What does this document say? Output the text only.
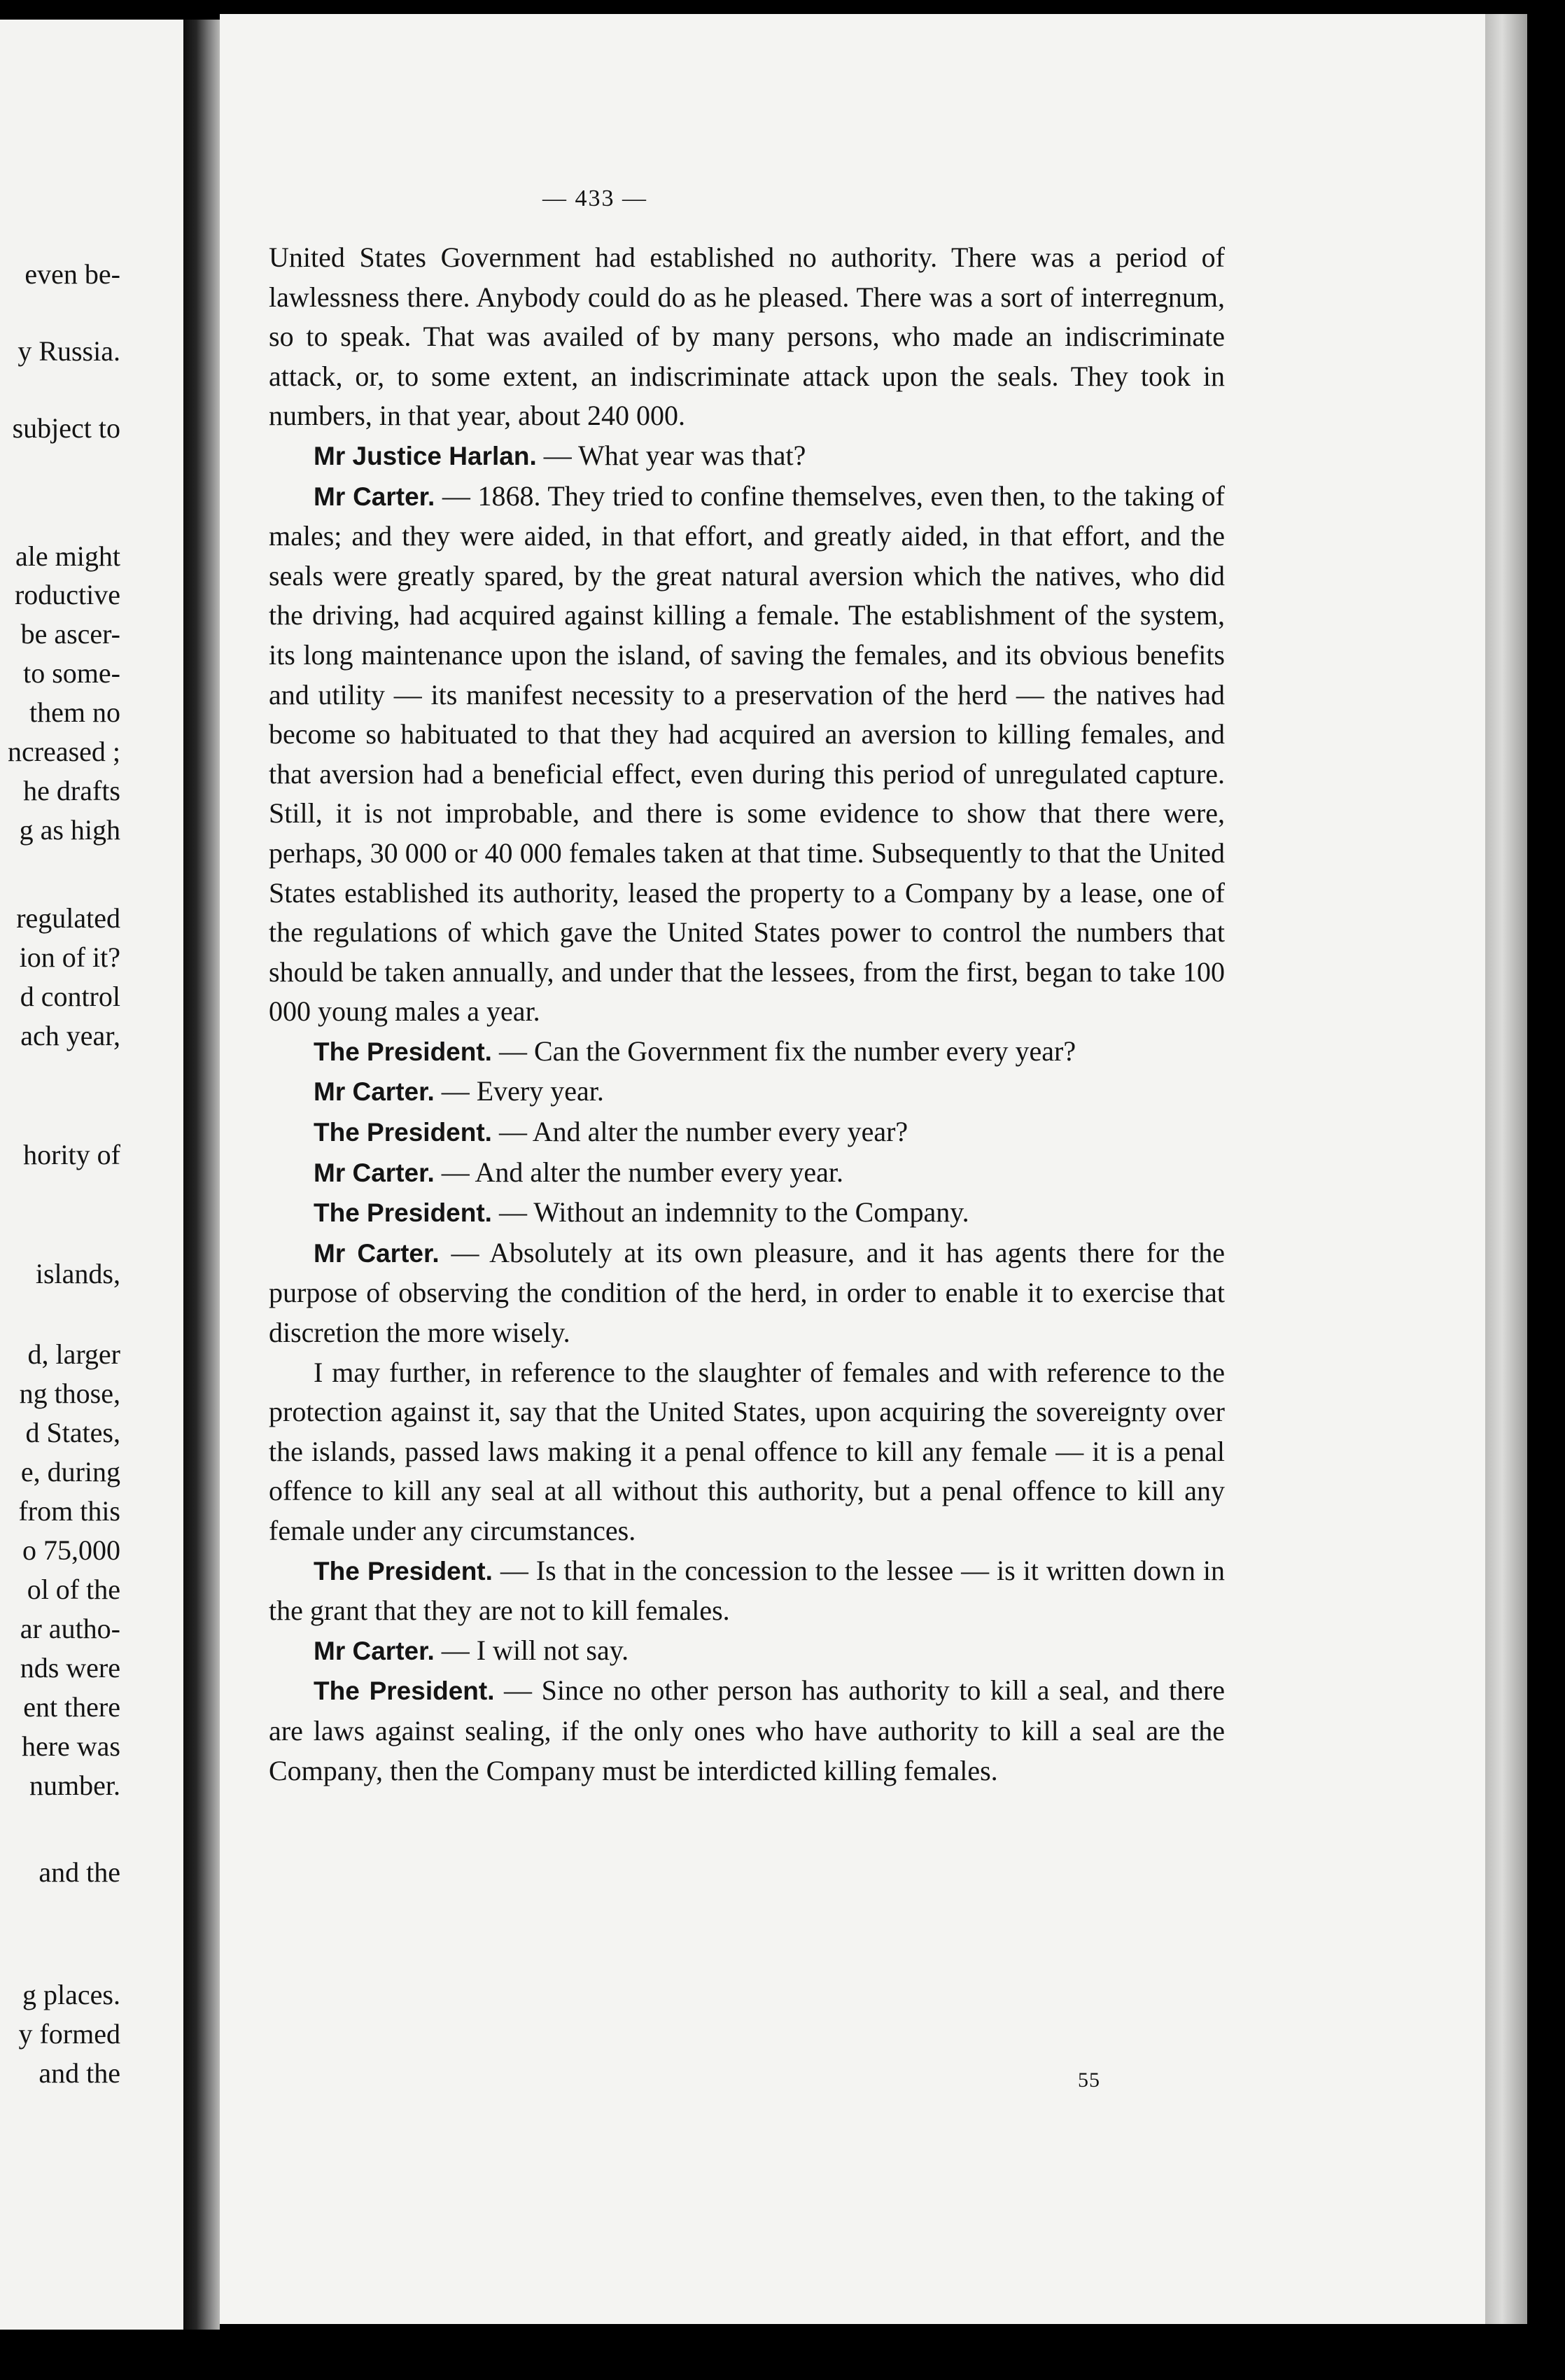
even be-
y Russia.
subject to
ale might
roductive
be ascer-
to some-
them no
ncreased ;
he drafts
g as high
regulated
ion of it?
d control
ach year,
hority of
islands,
d, larger
ng those,
d States,
e, during
from this
o 75,000
ol of the
ar autho-
nds were
ent there
here was
number.
and the
g places.
y formed
and the
— 433 —

United States Government had established no authority. There was a period of lawlessness there. Anybody could do as he pleased. There was a sort of interregnum, so to speak. That was availed of by many persons, who made an indiscriminate attack, or, to some extent, an indiscriminate attack upon the seals. They took in numbers, in that year, about 240 000.

Mr Justice Harlan. — What year was that?

Mr Carter. — 1868. They tried to confine themselves, even then, to the taking of males; and they were aided, in that effort, and greatly aided, in that effort, and the seals were greatly spared, by the great natural aversion which the natives, who did the driving, had acquired against killing a female. The establishment of the system, its long maintenance upon the island, of saving the females, and its obvious benefits and utility — its manifest necessity to a preservation of the herd — the natives had become so habituated to that they had acquired an aversion to killing females, and that aversion had a beneficial effect, even during this period of unregulated capture. Still, it is not improbable, and there is some evidence to show that there were, perhaps, 30 000 or 40 000 females taken at that time. Subsequently to that the United States established its authority, leased the property to a Company by a lease, one of the regulations of which gave the United States power to control the numbers that should be taken annually, and under that the lessees, from the first, began to take 100 000 young males a year.

The President. — Can the Government fix the number every year?

Mr Carter. — Every year.

The President. — And alter the number every year?

Mr Carter. — And alter the number every year.

The President. — Without an indemnity to the Company.

Mr Carter. — Absolutely at its own pleasure, and it has agents there for the purpose of observing the condition of the herd, in order to enable it to exercise that discretion the more wisely.

I may further, in reference to the slaughter of females and with reference to the protection against it, say that the United States, upon acquiring the sovereignty over the islands, passed laws making it a penal offence to kill any female — it is a penal offence to kill any seal at all without this authority, but a penal offence to kill any female under any circumstances.

The President. — Is that in the concession to the lessee — is it written down in the grant that they are not to kill females.

Mr Carter. — I will not say.

The President. — Since no other person has authority to kill a seal, and there are laws against sealing, if the only ones who have authority to kill a seal are the Company, then the Company must be interdicted killing females.

55
